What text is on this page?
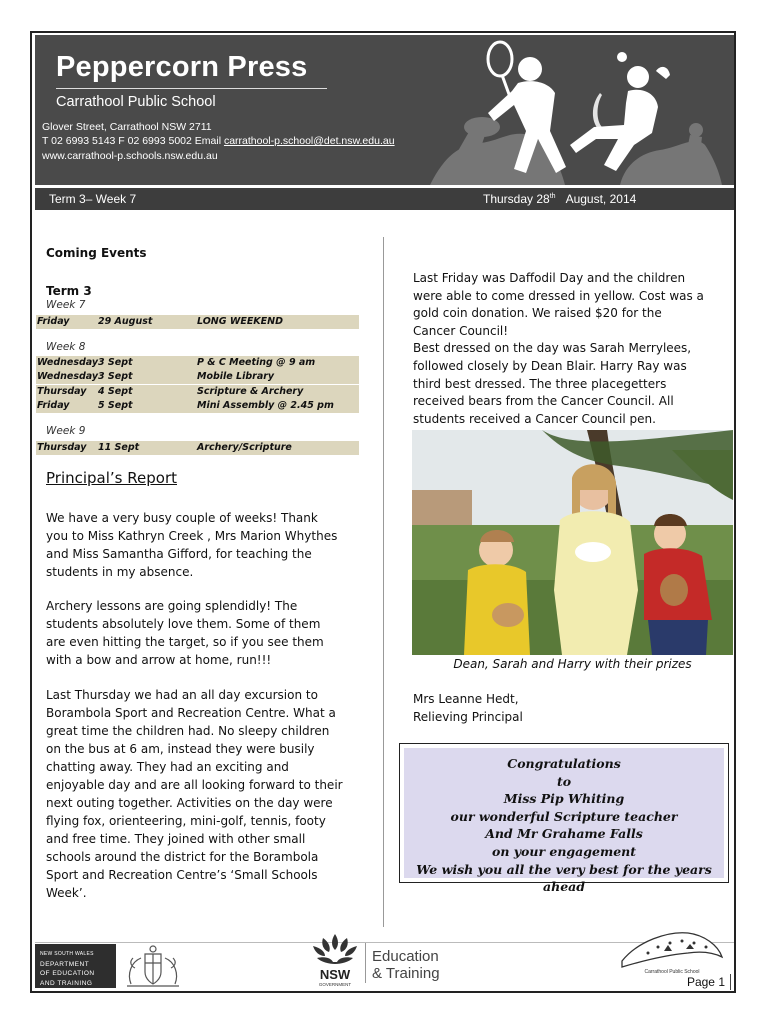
Peppercorn Press
Carrathool Public School
Glover Street, Carrathool NSW 2711
T 02 6993 5143 F 02 6993 5002 Email carrathool-p.school@det.nsw.edu.au
www.carrathool-p.schools.nsw.edu.au
Term 3– Week 7	Thursday 28th August, 2014
Coming Events
Term 3
Week 7
Friday	29 August	LONG WEEKEND
Week 8
Wednesday 3 Sept	P & C Meeting @ 9 am
Wednesday 3 Sept	Mobile Library
Thursday 4 Sept	Scripture & Archery
Friday	5 Sept	Mini Assembly @ 2.45 pm
Week 9
Thursday 11 Sept	Archery/Scripture
Principal’s Report
We have a very busy couple of weeks! Thank
you to Miss Kathryn Creek , Mrs Marion Whythes
and Miss Samantha Gifford, for teaching the
students in my absence.
Archery lessons are going splendidly! The
students absolutely love them. Some of them
are even hitting the target, so if you see them
with a bow and arrow at home, run!!!
Last Thursday we had an all day excursion to
Borambola Sport and Recreation Centre. What a
great time the children had. No sleepy children
on the bus at 6 am, instead they were busily
chatting away. They had an exciting and
enjoyable day and are all looking forward to their
next outing together. Activities on the day were
flying fox, orienteering, mini-golf, tennis, footy
and free time. They joined with other small
schools around the district for the Borambola
Sport and Recreation Centre’s ‘Small Schools
Week’.
Last Friday was Daffodil Day and the children
were able to come dressed in yellow. Cost was a
gold coin donation. We raised $20 for the
Cancer Council!
Best dressed on the day was Sarah Merrylees,
followed closely by Dean Blair. Harry Ray was
third best dressed. The three placegetters
received bears from the Cancer Council. All
students received a Cancer Council pen.
Dean, Sarah and Harry with their prizes
Mrs Leanne Hedt,
Relieving Principal
Congratulations
to
Miss Pip Whiting
our wonderful Scripture teacher
And Mr Grahame Falls
on your engagement
We wish you all the very best for the years ahead
NEW SOUTH WALES
DEPARTMENT
OF EDUCATION
AND TRAINING
NSW
GOVERNMENT
Education
& Training	Carrathool Public School
Page 1
